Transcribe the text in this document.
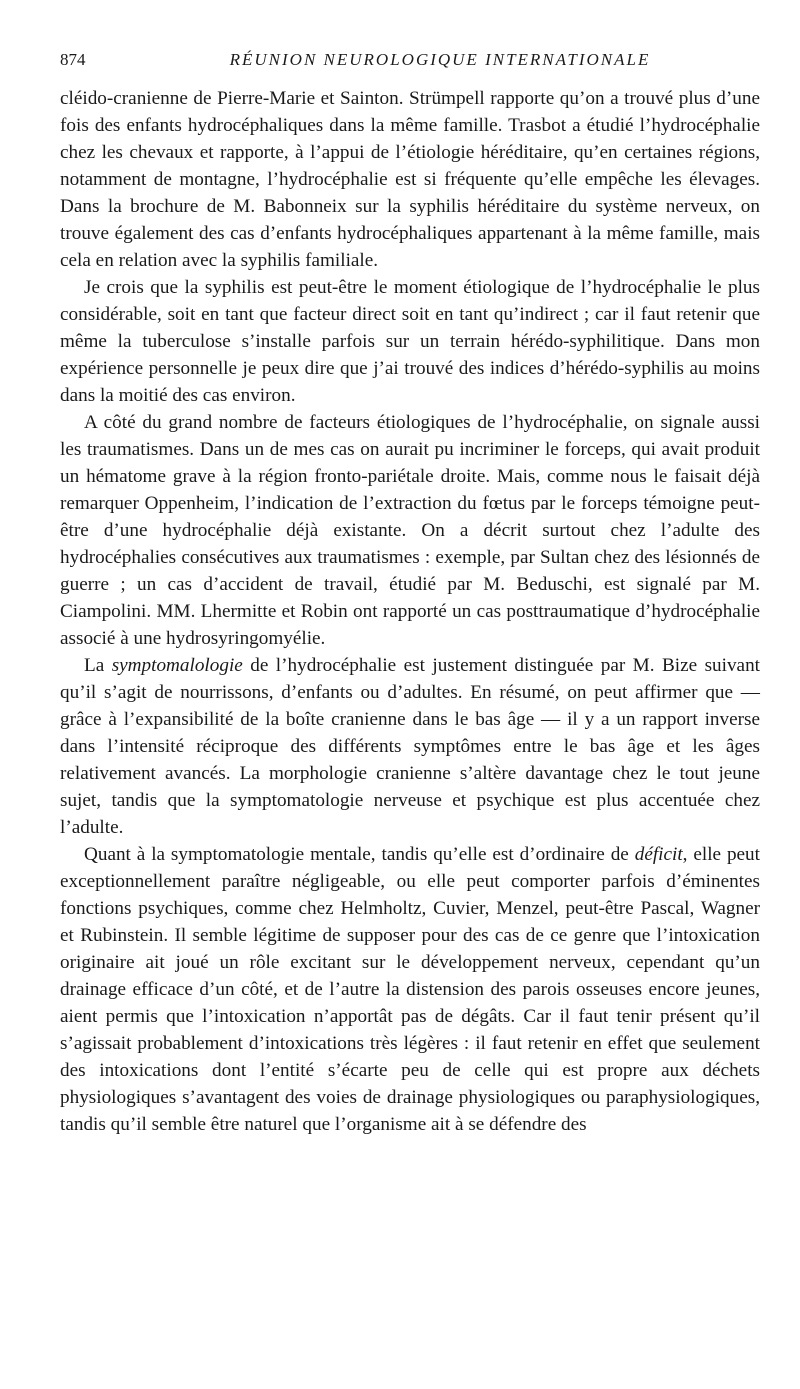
874	RÉUNION NEUROLOGIQUE INTERNATIONALE

cléido-cranienne de Pierre-Marie et Sainton. Strümpell rapporte qu’on a trouvé plus d’une fois des enfants hydrocéphaliques dans la même famille. Trasbot a étudié l’hydrocéphalie chez les chevaux et rapporte, à l’appui de l’étiologie héréditaire, qu’en certaines régions, notamment de montagne, l’hydrocéphalie est si fréquente qu’elle empêche les élevages. Dans la brochure de M. Babonneix sur la syphilis héréditaire du système nerveux, on trouve également des cas d’enfants hydrocéphaliques appartenant à la même famille, mais cela en relation avec la syphilis familiale.

Je crois que la syphilis est peut-être le moment étiologique de l’hydrocéphalie le plus considérable, soit en tant que facteur direct soit en tant qu’indirect ; car il faut retenir que même la tuberculose s’installe parfois sur un terrain hérédo-syphilitique. Dans mon expérience personnelle je peux dire que j’ai trouvé des indices d’hérédo-syphilis au moins dans la moitié des cas environ.

A côté du grand nombre de facteurs étiologiques de l’hydrocéphalie, on signale aussi les traumatismes. Dans un de mes cas on aurait pu incriminer le forceps, qui avait produit un hématome grave à la région fronto-pariétale droite. Mais, comme nous le faisait déjà remarquer Oppenheim, l’indication de l’extraction du fœtus par le forceps témoigne peut-être d’une hydrocéphalie déjà existante. On a décrit surtout chez l’adulte des hydrocéphalies consécutives aux traumatismes : exemple, par Sultan chez des lésionnés de guerre ; un cas d’accident de travail, étudié par M. Beduschi, est signalé par M. Ciampolini. MM. Lhermitte et Robin ont rapporté un cas posttraumatique d’hydrocéphalie associé à une hydrosyringomyélie.

La symptomalologie de l’hydrocéphalie est justement distinguée par M. Bize suivant qu’il s’agit de nourrissons, d’enfants ou d’adultes. En résumé, on peut affirmer que — grâce à l’expansibilité de la boîte cranienne dans le bas âge — il y a un rapport inverse dans l’intensité réciproque des différents symptômes entre le bas âge et les âges relativement avancés. La morphologie cranienne s’altère davantage chez le tout jeune sujet, tandis que la symptomatologie nerveuse et psychique est plus accentuée chez l’adulte.

Quant à la symptomatologie mentale, tandis qu’elle est d’ordinaire de déficit, elle peut exceptionnellement paraître négligeable, ou elle peut comporter parfois d’éminentes fonctions psychiques, comme chez Helmholtz, Cuvier, Menzel, peut-être Pascal, Wagner et Rubinstein. Il semble légitime de supposer pour des cas de ce genre que l’intoxication originaire ait joué un rôle excitant sur le développement nerveux, cependant qu’un drainage efficace d’un côté, et de l’autre la distension des parois osseuses encore jeunes, aient permis que l’intoxication n’apportât pas de dégâts. Car il faut tenir présent qu’il s’agissait probablement d’intoxications très légères : il faut retenir en effet que seulement des intoxications dont l’entité s’écarte peu de celle qui est propre aux déchets physiologiques s’avantagent des voies de drainage physiologiques ou paraphysiologiques, tandis qu’il semble être naturel que l’organisme ait à se défendre des
